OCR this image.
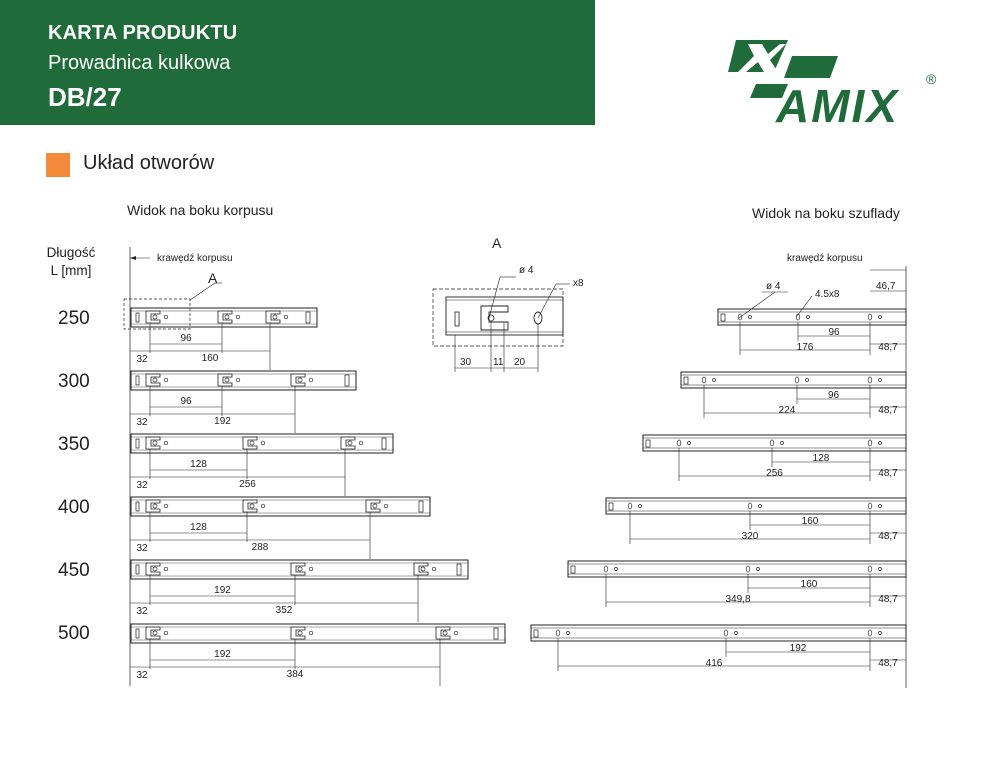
KARTA PRODUKTU
Prowadnica kulkowa
DB/27	AMIX
®
Układ otworów
Widok na boku korpusu	Widok na boku szuflady
Długość
L [mm]
250
300
350
400
450
500
krawędź korpusu
A
96
32	160
96
32	192
128
32	256
128
32	288
192
32	352
192
32	384
A
ø 4
x8
30 11 20
krawędź korpusu
46,7
ø 4
4.5x8
96
176	48,7
96
224	48,7
128
256	48,7
160
320	48,7
160
349,8	48,7
192
416	48,7
